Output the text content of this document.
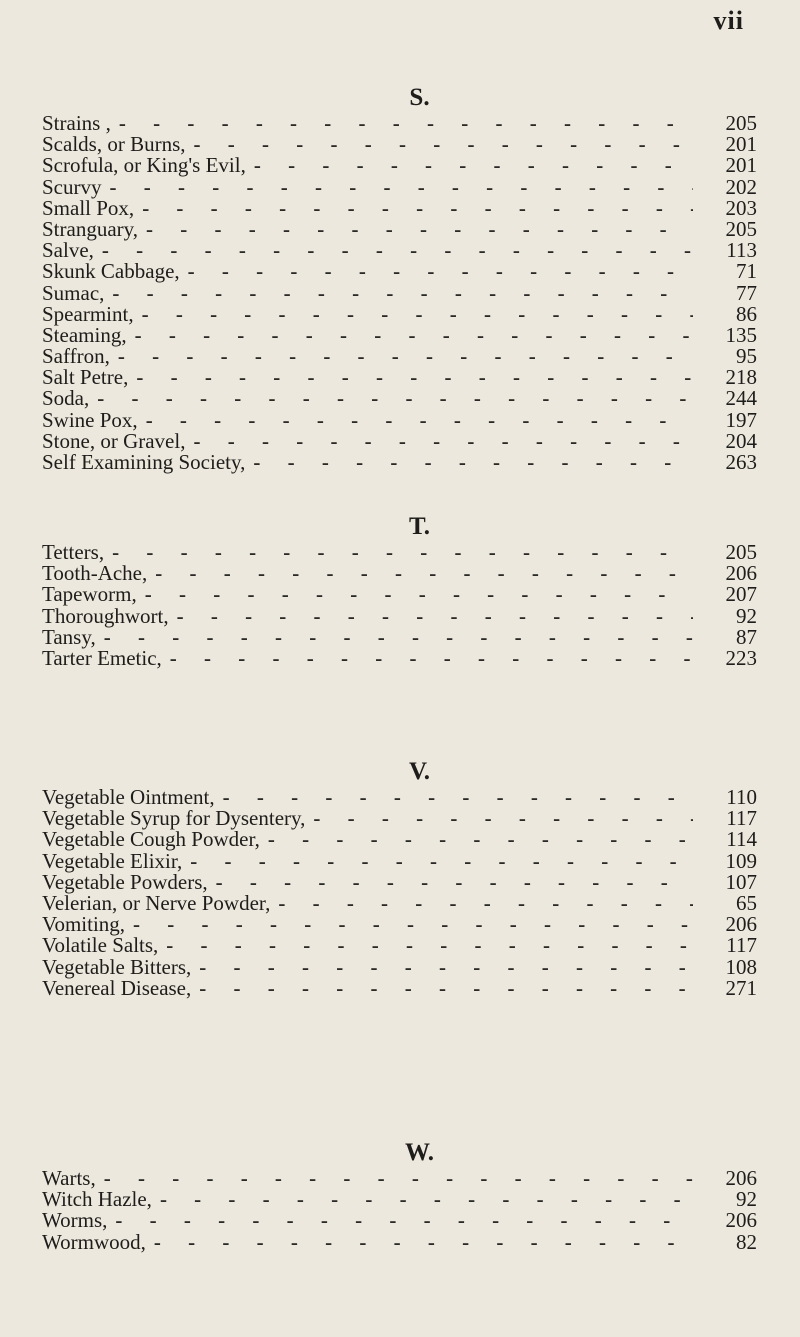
vii
S.
Strains , - - -	205
Scalds, or Burns, - - -	201
Scrofula, or King's Evil, - - -	201
Scurvy - - -	202
Small Pox, - - -	203
Stranguary, - - -	205
Salve, - - -	113
Skunk Cabbage, - - -	71
Sumac, - - -	77
Spearmint, - - -	86
Steaming, - - -	135
Saffron, - - -	95
Salt Petre, - - -	218
Soda, - - -	244
Swine Pox, - - -	197
Stone, or Gravel, - - -	204
Self Examining Society, - - -	263
T.
Tetters, - - -	205
Tooth-Ache, - - -	206
Tapeworm, - - -	207
Thoroughwort, - - -	92
Tansy, - - -	87
Tarter Emetic, - - -	223
V.
Vegetable Ointment, - - -	110
Vegetable Syrup for Dysentery, - - -	117
Vegetable Cough Powder, - - -	114
Vegetable Elixir, - - -	109
Vegetable Powders, - - -	107
Velerian, or Nerve Powder, - - -	65
Vomiting, - - -	206
Volatile Salts, - - -	117
Vegetable Bitters, - - -	108
Venereal Disease, - - -	271
W.
Warts, - - -	206
Witch Hazle, - - -	92
Worms, - - -	206
Wormwood, - - -	82
